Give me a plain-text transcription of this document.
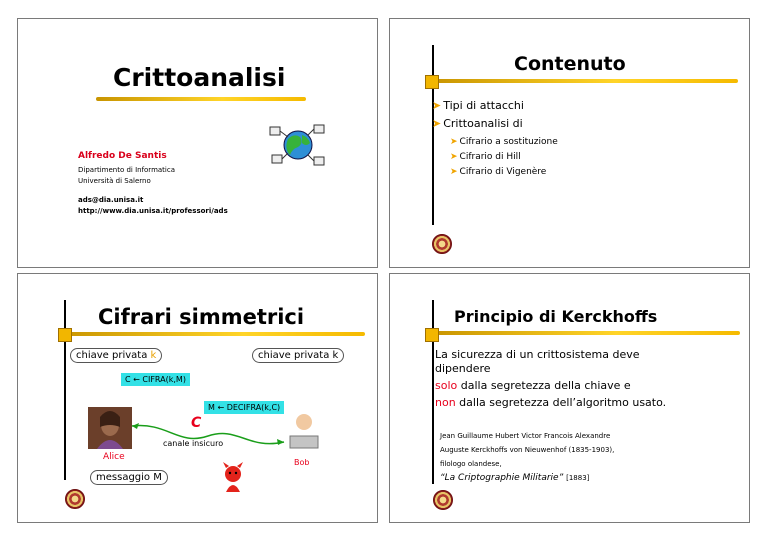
Crittoanalisi
Alfredo De Santis
Dipartimento di Informatica
Università di Salerno
ads@dia.unisa.it
http://www.dia.unisa.it/professori/ads
Contenuto
➤ Tipi di attacchi
➤ Crittoanalisi di
➤ Cifrario a sostituzione
➤ Cifrario di Hill
➤ Cifrario di Vigenère
Cifrari simmetrici
chiave privata k	chiave privata k
C ← CIFRA(k,M)
M ← DECIFRA(k,C)
Alice
Bob
C
canale insicuro
messaggio M
Principio di Kerckhoffs
La sicurezza di un crittosistema deve
dipendere
solo dalla segretezza della chiave e
non dalla segretezza dell’algoritmo usato.
Jean Guillaume Hubert Victor Francois Alexandre
Auguste Kerckhoffs von Nieuwenhof (1835-1903),
filologo olandese,
“La Criptographie Militarie” [1883]
